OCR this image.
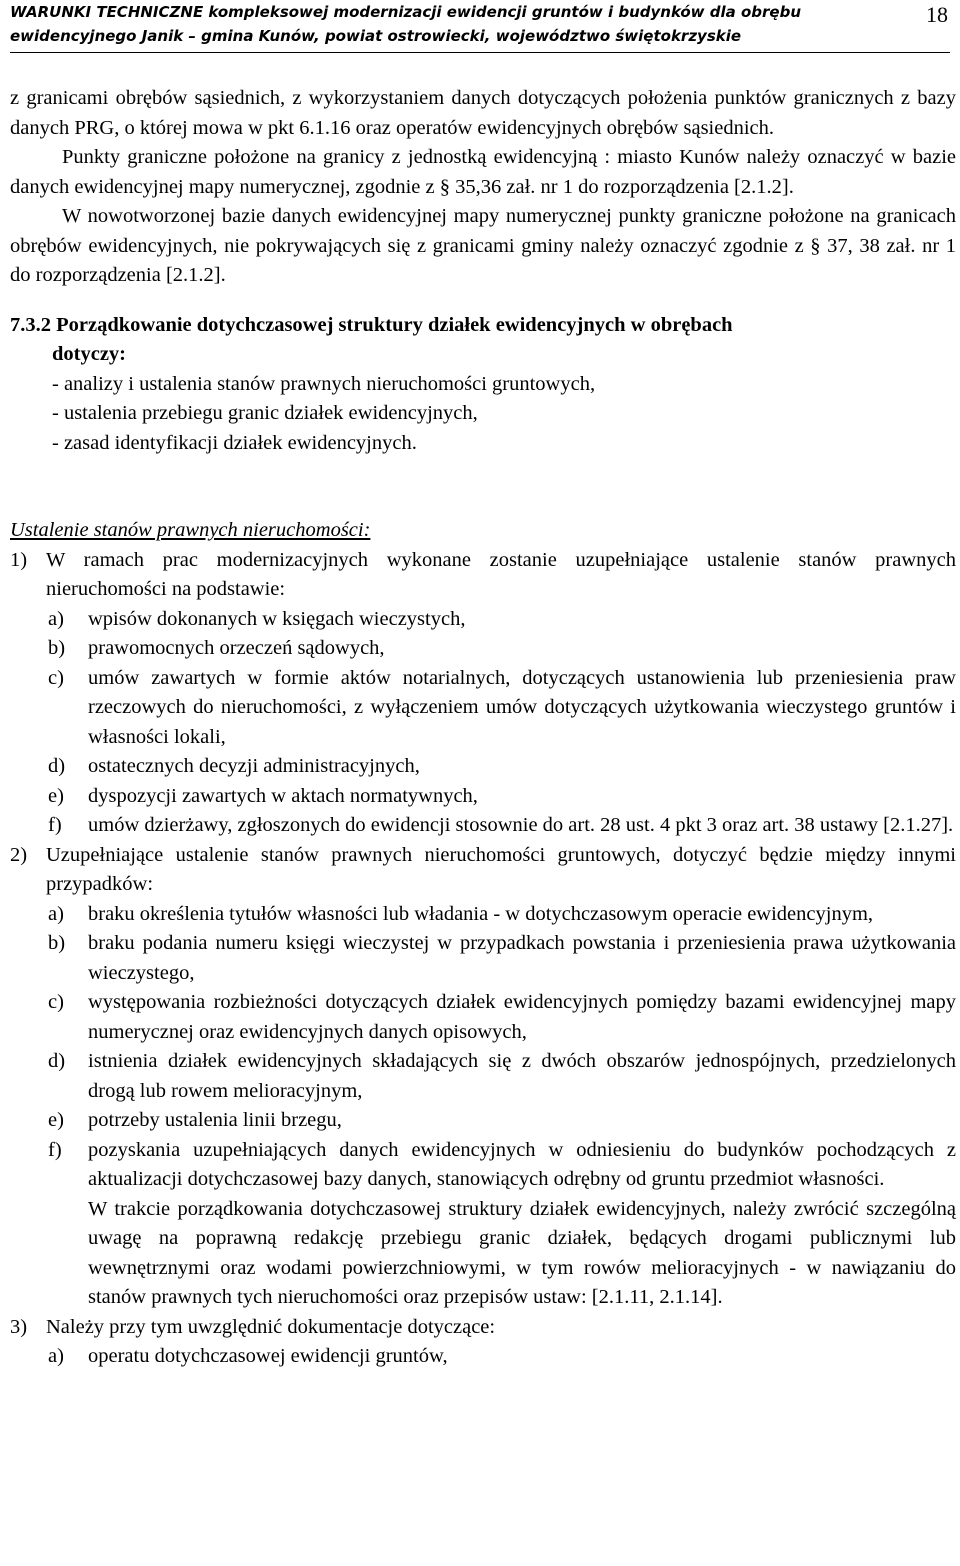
WARUNKI TECHNICZNE kompleksowej modernizacji ewidencji gruntów i budynków dla obrębu
ewidencyjnego Janik – gmina Kunów, powiat ostrowiecki, województwo świętokrzyskie
18

z granicami obrębów sąsiednich, z wykorzystaniem danych dotyczących położenia punktów granicznych z bazy danych PRG, o której mowa w pkt 6.1.16 oraz operatów ewidencyjnych obrębów sąsiednich.

Punkty graniczne położone na granicy z jednostką ewidencyjną : miasto Kunów należy oznaczyć w bazie danych ewidencyjnej mapy numerycznej, zgodnie z § 35,36 zał. nr 1 do rozporządzenia [2.1.2].

W nowotworzonej bazie danych ewidencyjnej mapy numerycznej punkty graniczne położone na granicach obrębów ewidencyjnych, nie pokrywających się z granicami gminy należy oznaczyć zgodnie z § 37, 38 zał. nr 1 do rozporządzenia [2.1.2].

7.3.2 Porządkowanie dotychczasowej struktury działek ewidencyjnych w obrębach
dotyczy:
- analizy i ustalenia stanów prawnych nieruchomości gruntowych,
- ustalenia przebiegu granic działek ewidencyjnych,
- zasad identyfikacji działek ewidencyjnych.
Ustalenie stanów prawnych nieruchomości:
1) W ramach prac modernizacyjnych wykonane zostanie uzupełniające ustalenie stanów prawnych nieruchomości na podstawie:
a) wpisów dokonanych w księgach wieczystych,
b) prawomocnych orzeczeń sądowych,
c) umów zawartych w formie aktów notarialnych, dotyczących ustanowienia lub przeniesienia praw rzeczowych do nieruchomości, z wyłączeniem umów dotyczących użytkowania wieczystego gruntów i własności lokali,
d) ostatecznych decyzji administracyjnych,
e) dyspozycji zawartych w aktach normatywnych,
f) umów dzierżawy, zgłoszonych do ewidencji stosownie do art. 28 ust. 4 pkt 3 oraz art. 38 ustawy [2.1.27].
2) Uzupełniające ustalenie stanów prawnych nieruchomości gruntowych, dotyczyć będzie między innymi przypadków:
a) braku określenia tytułów własności lub władania - w dotychczasowym operacie ewidencyjnym,
b) braku podania numeru księgi wieczystej w przypadkach powstania i przeniesienia prawa użytkowania wieczystego,
c) występowania rozbieżności dotyczących działek ewidencyjnych pomiędzy bazami ewidencyjnej mapy numerycznej oraz ewidencyjnych danych opisowych,
d) istnienia działek ewidencyjnych składających się z dwóch obszarów jednospójnych, przedzielonych drogą lub rowem melioracyjnym,
e) potrzeby ustalenia linii brzegu,
f) pozyskania uzupełniających danych ewidencyjnych w odniesieniu do budynków pochodzących z aktualizacji dotychczasowej bazy danych, stanowiących odrębny od gruntu przedmiot własności.
W trakcie porządkowania dotychczasowej struktury działek ewidencyjnych, należy zwrócić szczególną uwagę na poprawną redakcję przebiegu granic działek, będących drogami publicznymi lub wewnętrznymi oraz wodami powierzchniowymi, w tym rowów melioracyjnych - w nawiązaniu do stanów prawnych tych nieruchomości oraz przepisów ustaw: [2.1.11, 2.1.14].
3) Należy przy tym uwzględnić dokumentacje dotyczące:
a) operatu dotychczasowej ewidencji gruntów,
